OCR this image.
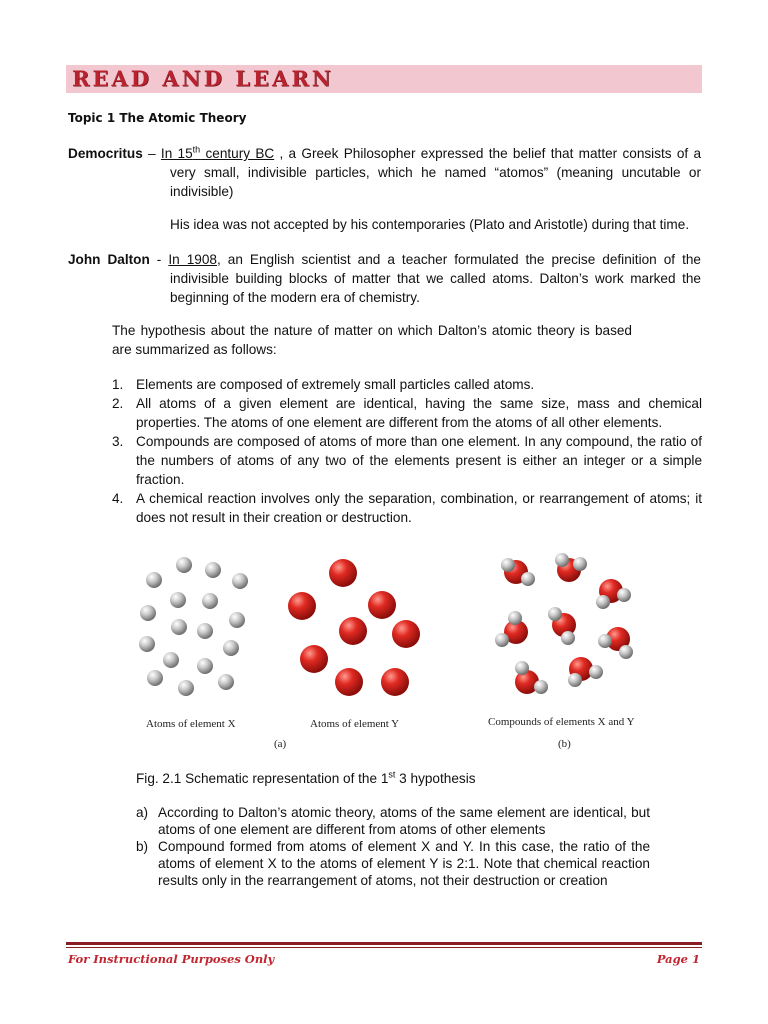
READ AND LEARN
Topic 1 The Atomic Theory
Democritus – In 15th century BC , a Greek Philosopher expressed the belief that matter consists of a very small, indivisible particles, which he named “atomos” (meaning uncutable or indivisible)
His idea was not accepted by his contemporaries (Plato and Aristotle) during that time.
John Dalton - In 1908, an English scientist and a teacher formulated the precise definition of the indivisible building blocks of matter that we called atoms. Dalton’s work marked the beginning of the modern era of chemistry.
The hypothesis about the nature of matter on which Dalton’s atomic theory is based are summarized as follows:
1. Elements are composed of extremely small particles called atoms.
2. All atoms of a given element are identical, having the same size, mass and chemical properties. The atoms of one element are different from the atoms of all other elements.
3. Compounds are composed of atoms of more than one element. In any compound, the ratio of the numbers of atoms of any two of the elements present is either an integer or a simple fraction.
4. A chemical reaction involves only the separation, combination, or rearrangement of atoms; it does not result in their creation or destruction.
Atoms of element X	Atoms of element Y	Compounds of elements X and Y
(a)	(b)
Fig. 2.1 Schematic representation of the 1st 3 hypothesis
a) According to Dalton’s atomic theory, atoms of the same element are identical, but atoms of one element are different from atoms of other elements
b) Compound formed from atoms of element X and Y. In this case, the ratio of the atoms of element X to the atoms of element Y is 2:1. Note that chemical reaction results only in the rearrangement of atoms, not their destruction or creation
For Instructional Purposes Only	Page 1
